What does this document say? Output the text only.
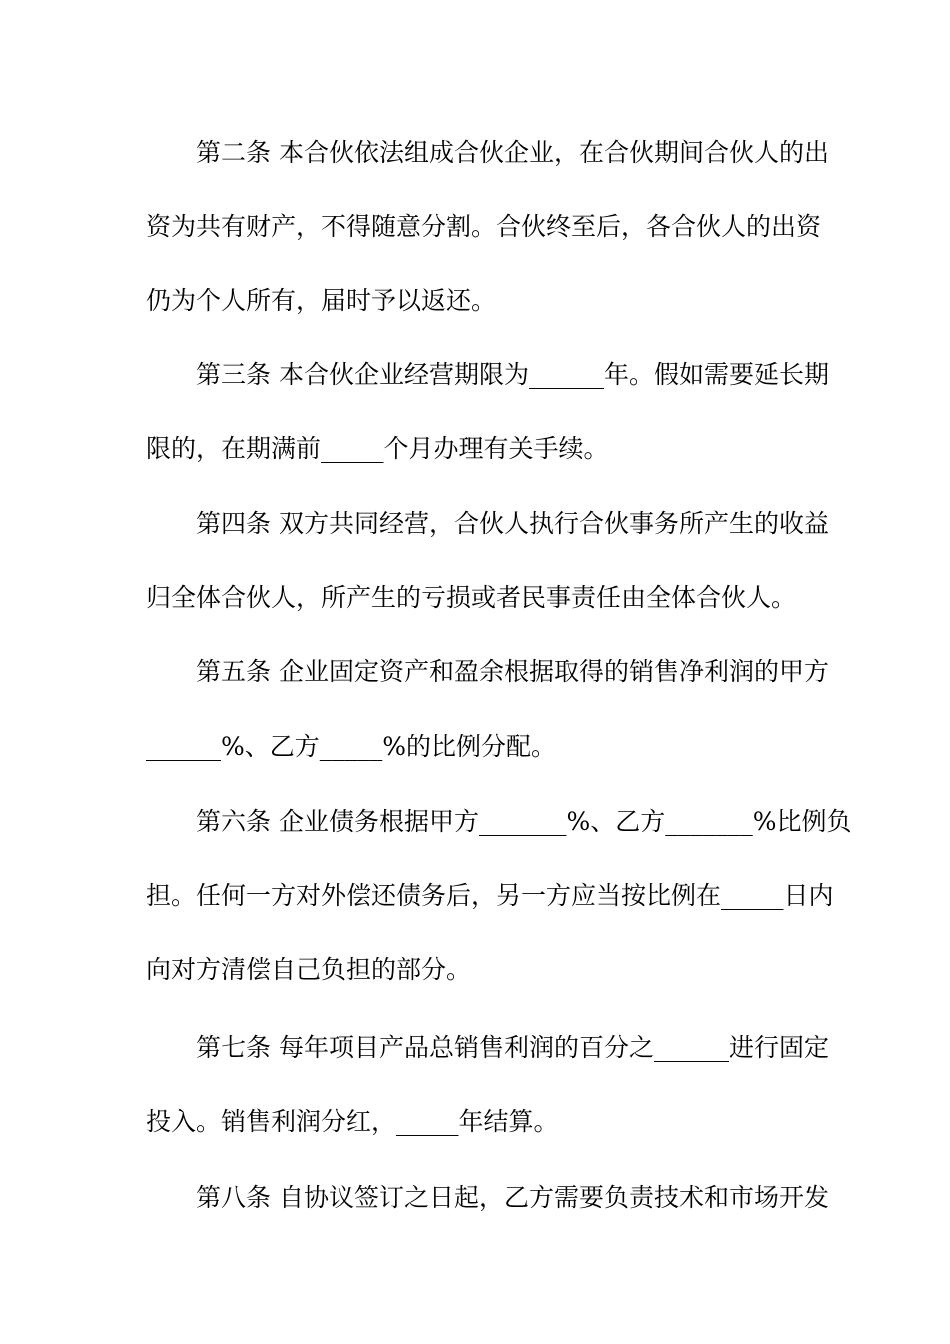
　　第二条 本合伙依法组成合伙企业，在合伙期间合伙人的出
资为共有财产，不得随意分割。合伙终至后，各合伙人的出资
仍为个人所有，届时予以返还。
　　第三条 本合伙企业经营期限为______年。假如需要延长期
限的，在期满前_____个月办理有关手续。
　　第四条 双方共同经营，合伙人执行合伙事务所产生的收益
归全体合伙人，所产生的亏损或者民事责任由全体合伙人。
　　第五条 企业固定资产和盈余根据取得的销售净利润的甲方
______%、乙方_____%的比例分配。
　　第六条 企业债务根据甲方_______%、乙方_______%比例负
担。任何一方对外偿还债务后，另一方应当按比例在_____日内
向对方清偿自己负担的部分。
　　第七条 每年项目产品总销售利润的百分之______进行固定
投入。销售利润分红，_____年结算。
　　第八条 自协议签订之日起，乙方需要负责技术和市场开发
